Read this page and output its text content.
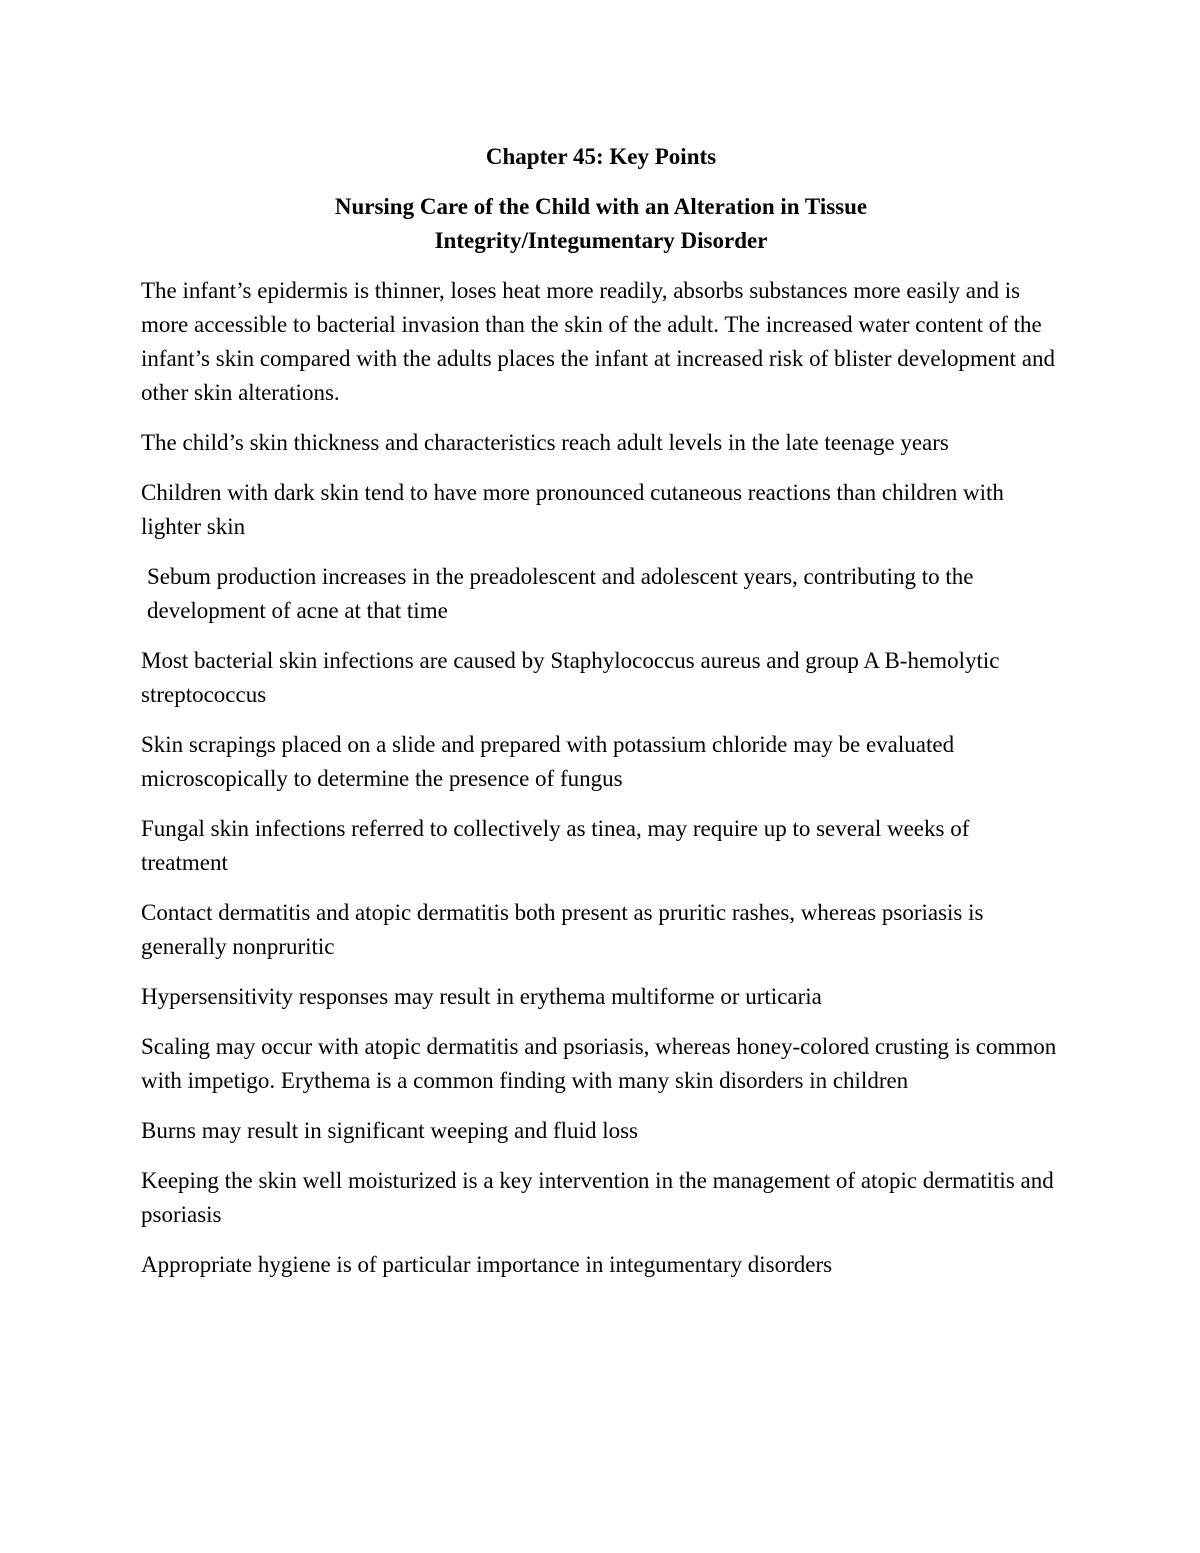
Chapter 45: Key Points
Nursing Care of the Child with an Alteration in Tissue
Integrity/Integumentary Disorder

The infant’s epidermis is thinner, loses heat more readily, absorbs substances more easily and is more accessible to bacterial invasion than the skin of the adult. The increased water content of the infant’s skin compared with the adults places the infant at increased risk of blister development and other skin alterations.

The child’s skin thickness and characteristics reach adult levels in the late teenage years

Children with dark skin tend to have more pronounced cutaneous reactions than children with lighter skin

Sebum production increases in the preadolescent and adolescent years, contributing to the development of acne at that time

Most bacterial skin infections are caused by Staphylococcus aureus and group A B-hemolytic streptococcus

Skin scrapings placed on a slide and prepared with potassium chloride may be evaluated microscopically to determine the presence of fungus

Fungal skin infections referred to collectively as tinea, may require up to several weeks of treatment

Contact dermatitis and atopic dermatitis both present as pruritic rashes, whereas psoriasis is generally nonpruritic

Hypersensitivity responses may result in erythema multiforme or urticaria

Scaling may occur with atopic dermatitis and psoriasis, whereas honey-colored crusting is common with impetigo. Erythema is a common finding with many skin disorders in children

Burns may result in significant weeping and fluid loss

Keeping the skin well moisturized is a key intervention in the management of atopic dermatitis and psoriasis

Appropriate hygiene is of particular importance in integumentary disorders
